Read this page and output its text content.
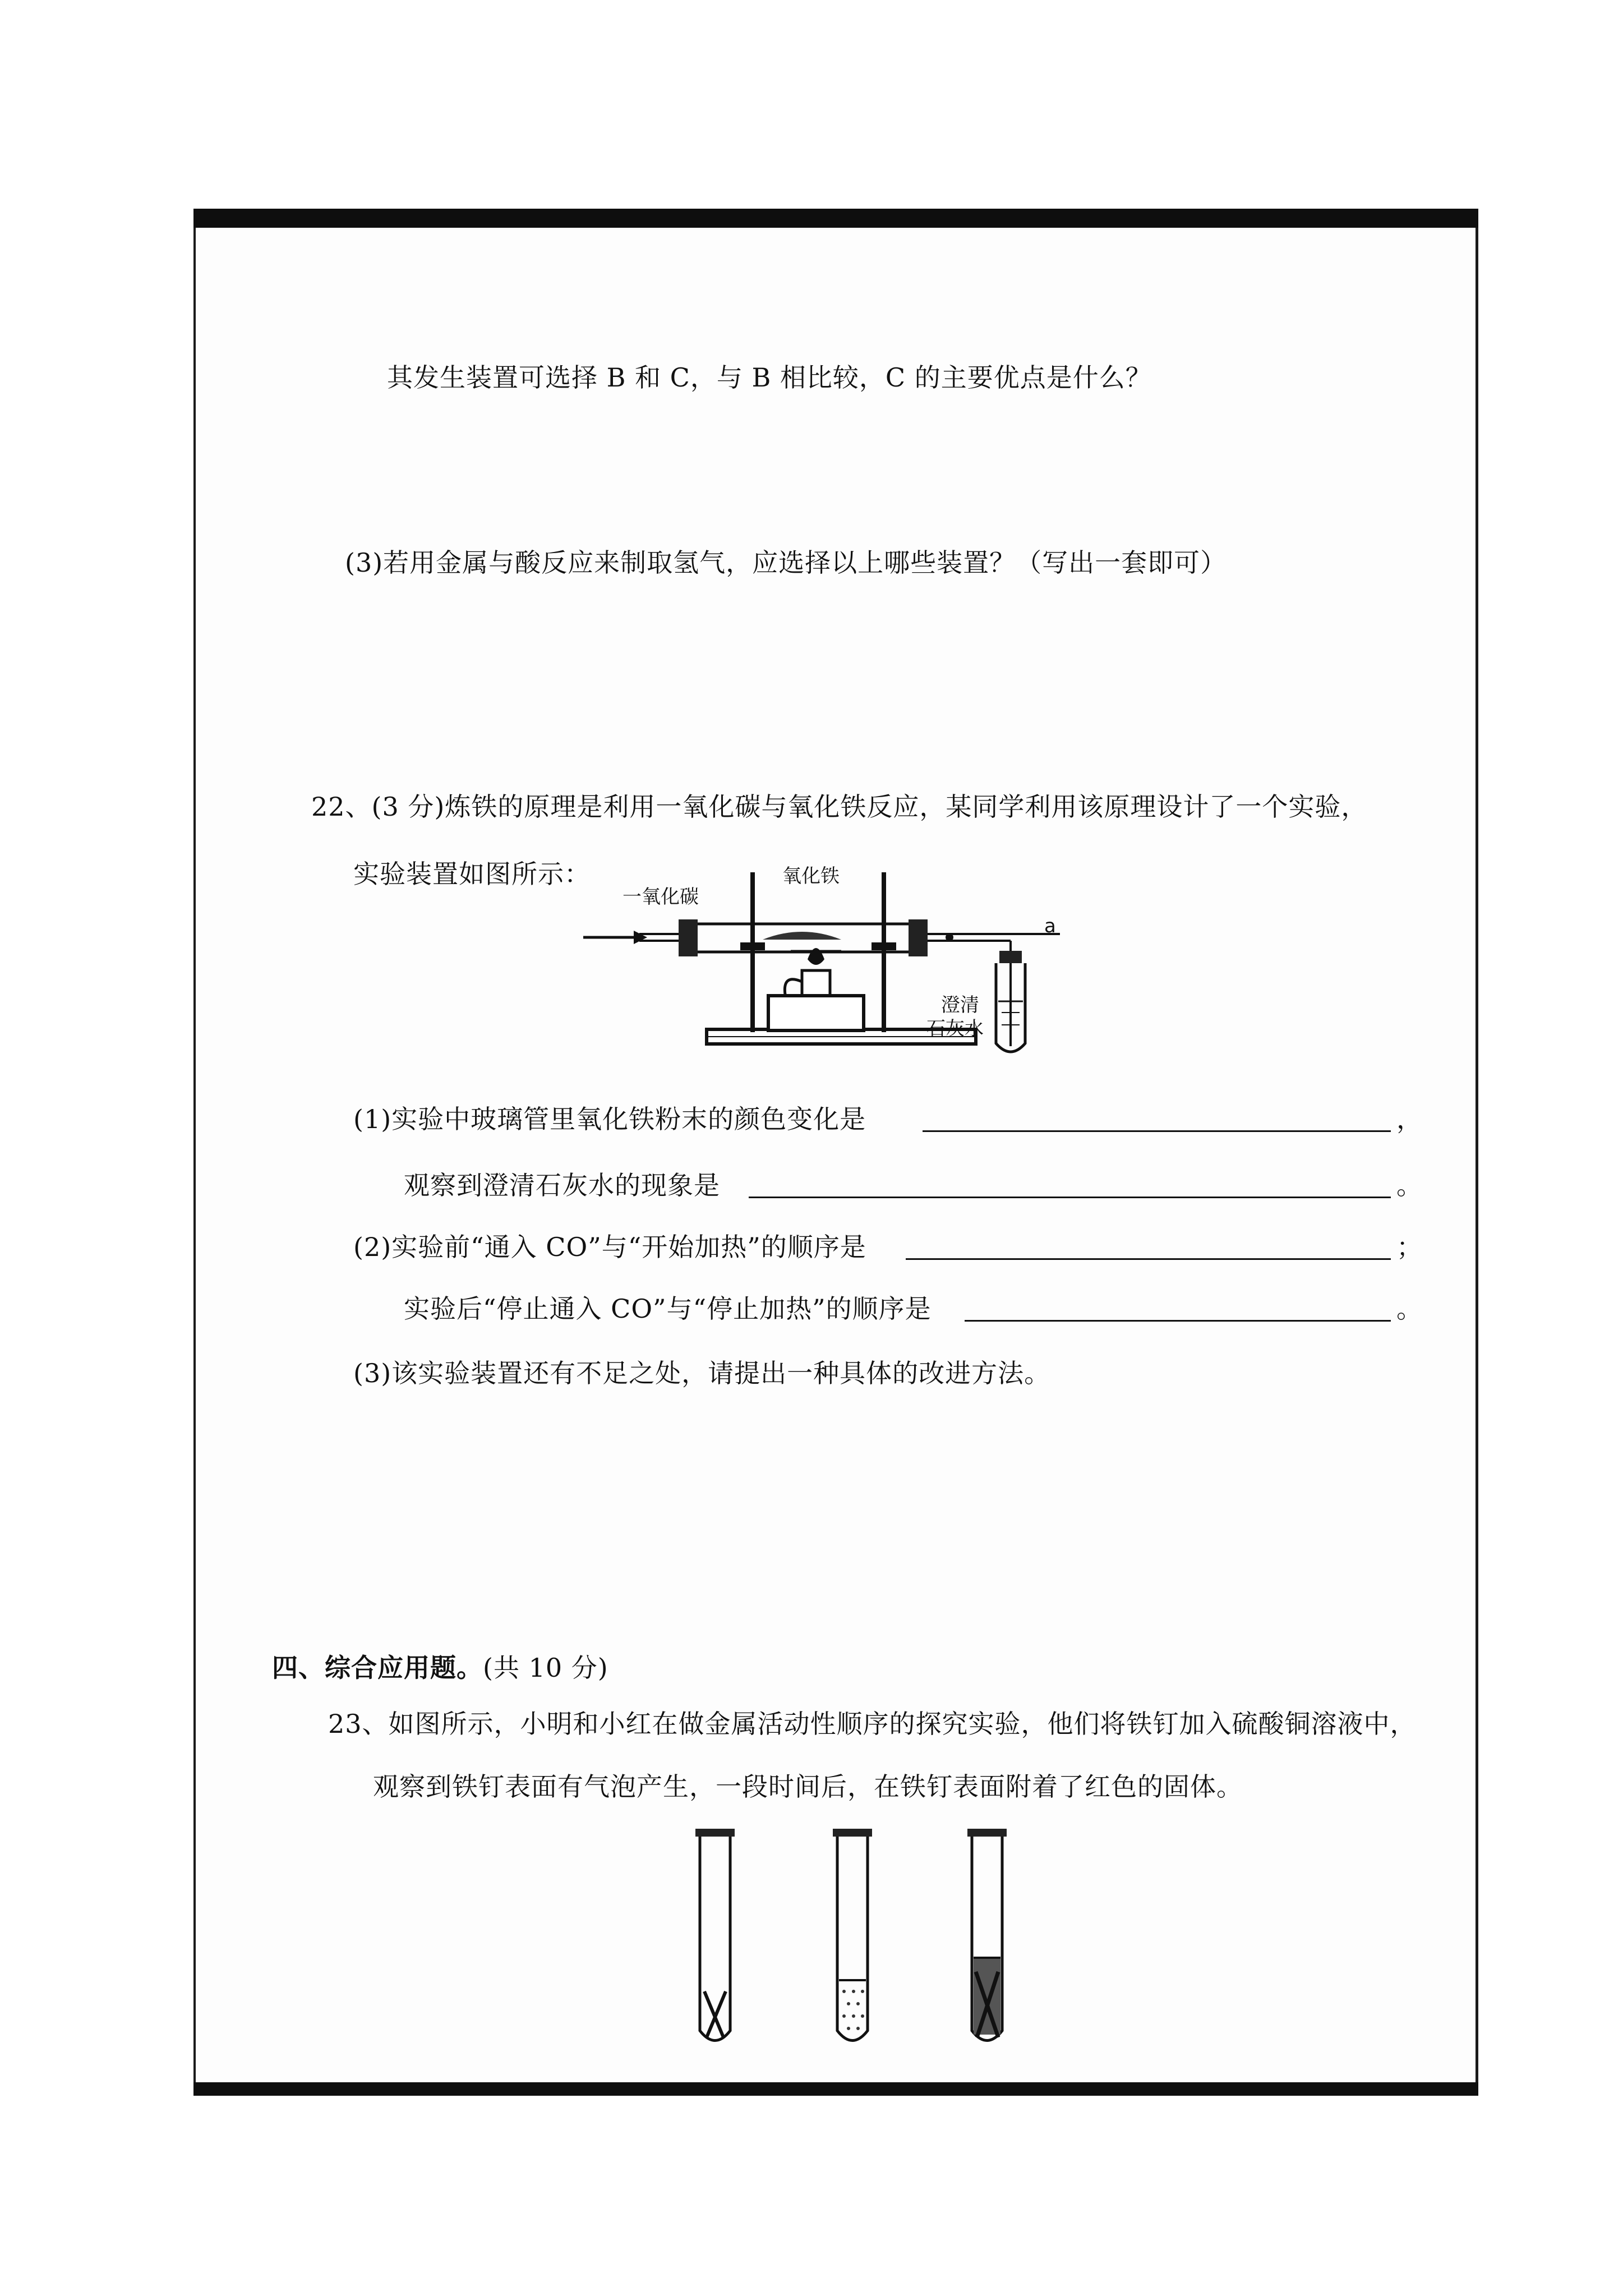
其发生装置可选择 B 和 C，与 B 相比较，C 的主要优点是什么？
(3)若用金属与酸反应来制取氢气，应选择以上哪些装置？（写出一套即可）
22、(3 分)炼铁的原理是利用一氧化碳与氧化铁反应，某同学利用该原理设计了一个实验，
实验装置如图所示：
一氧化碳
氧化铁
a
澄清
石灰水
(1)实验中玻璃管里氧化铁粉末的颜色变化是	，
观察到澄清石灰水的现象是	。
(2)实验前“通入 CO”与“开始加热”的顺序是	；
实验后“停止通入 CO”与“停止加热”的顺序是	。
(3)该实验装置还有不足之处，请提出一种具体的改进方法。
四、综合应用题。(共 10 分)
23、如图所示，小明和小红在做金属活动性顺序的探究实验，他们将铁钉加入硫酸铜溶液中，
观察到铁钉表面有气泡产生，一段时间后，在铁钉表面附着了红色的固体。
